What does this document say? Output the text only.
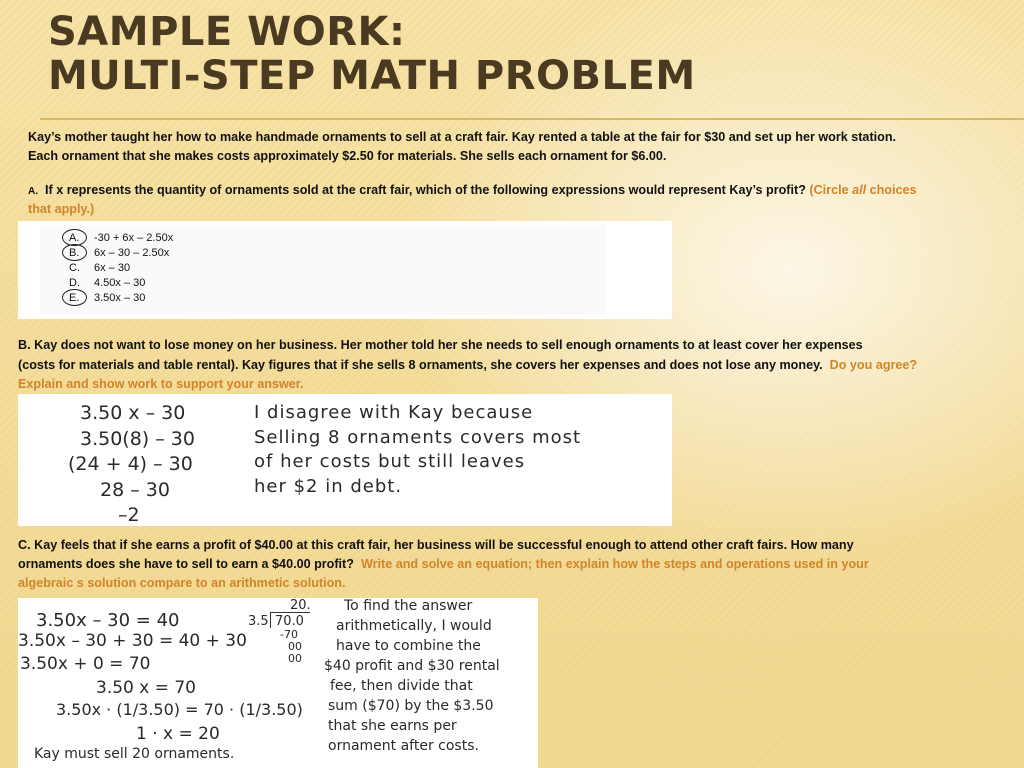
SAMPLE WORK:
MULTI-STEP MATH PROBLEM
Kay’s mother taught her how to make handmade ornaments to sell at a craft fair. Kay rented a table at the fair for $30 and set up her work station.
Each ornament that she makes costs approximately $2.50 for materials. She sells each ornament for $6.00.
A. If x represents the quantity of ornaments sold at the craft fair, which of the following expressions would represent Kay’s profit? (Circle all choices
that apply.)
A. -30 + 6x – 2.50x
B. 6x – 30 – 2.50x
C. 6x – 30
D. 4.50x – 30
E. 3.50x – 30
B. Kay does not want to lose money on her business. Her mother told her she needs to sell enough ornaments to at least cover her expenses
(costs for materials and table rental). Kay figures that if she sells 8 ornaments, she covers her expenses and does not lose any money. Do you agree?
Explain and show work to support your answer.
3.50 x – 30
3.50(8) – 30
(24 + 4) – 30
28 – 30
–2
I disagree with Kay because
Selling 8 ornaments covers most
of her costs but still leaves
her $2 in debt.
C. Kay feels that if she earns a profit of $40.00 at this craft fair, her business will be successful enough to attend other craft fairs. How many
ornaments does she have to sell to earn a $40.00 profit? Write and solve an equation; then explain how the steps and operations used in your
algebraic s solution compare to an arithmetic solution.
3.50x – 30 = 40
3.50x – 30 + 30 = 40 + 30
3.50x + 0 = 70
3.50 x = 70
3.50x · (1/3.50) = 70 · (1/3.50)
1 · x = 20
Kay must sell 20 ornaments.
20.
3.5 70.0
-70
00
00
To find the answer
arithmetically, I would
have to combine the
$40 profit and $30 rental
fee, then divide that
sum ($70) by the $3.50
that she earns per
ornament after costs.
